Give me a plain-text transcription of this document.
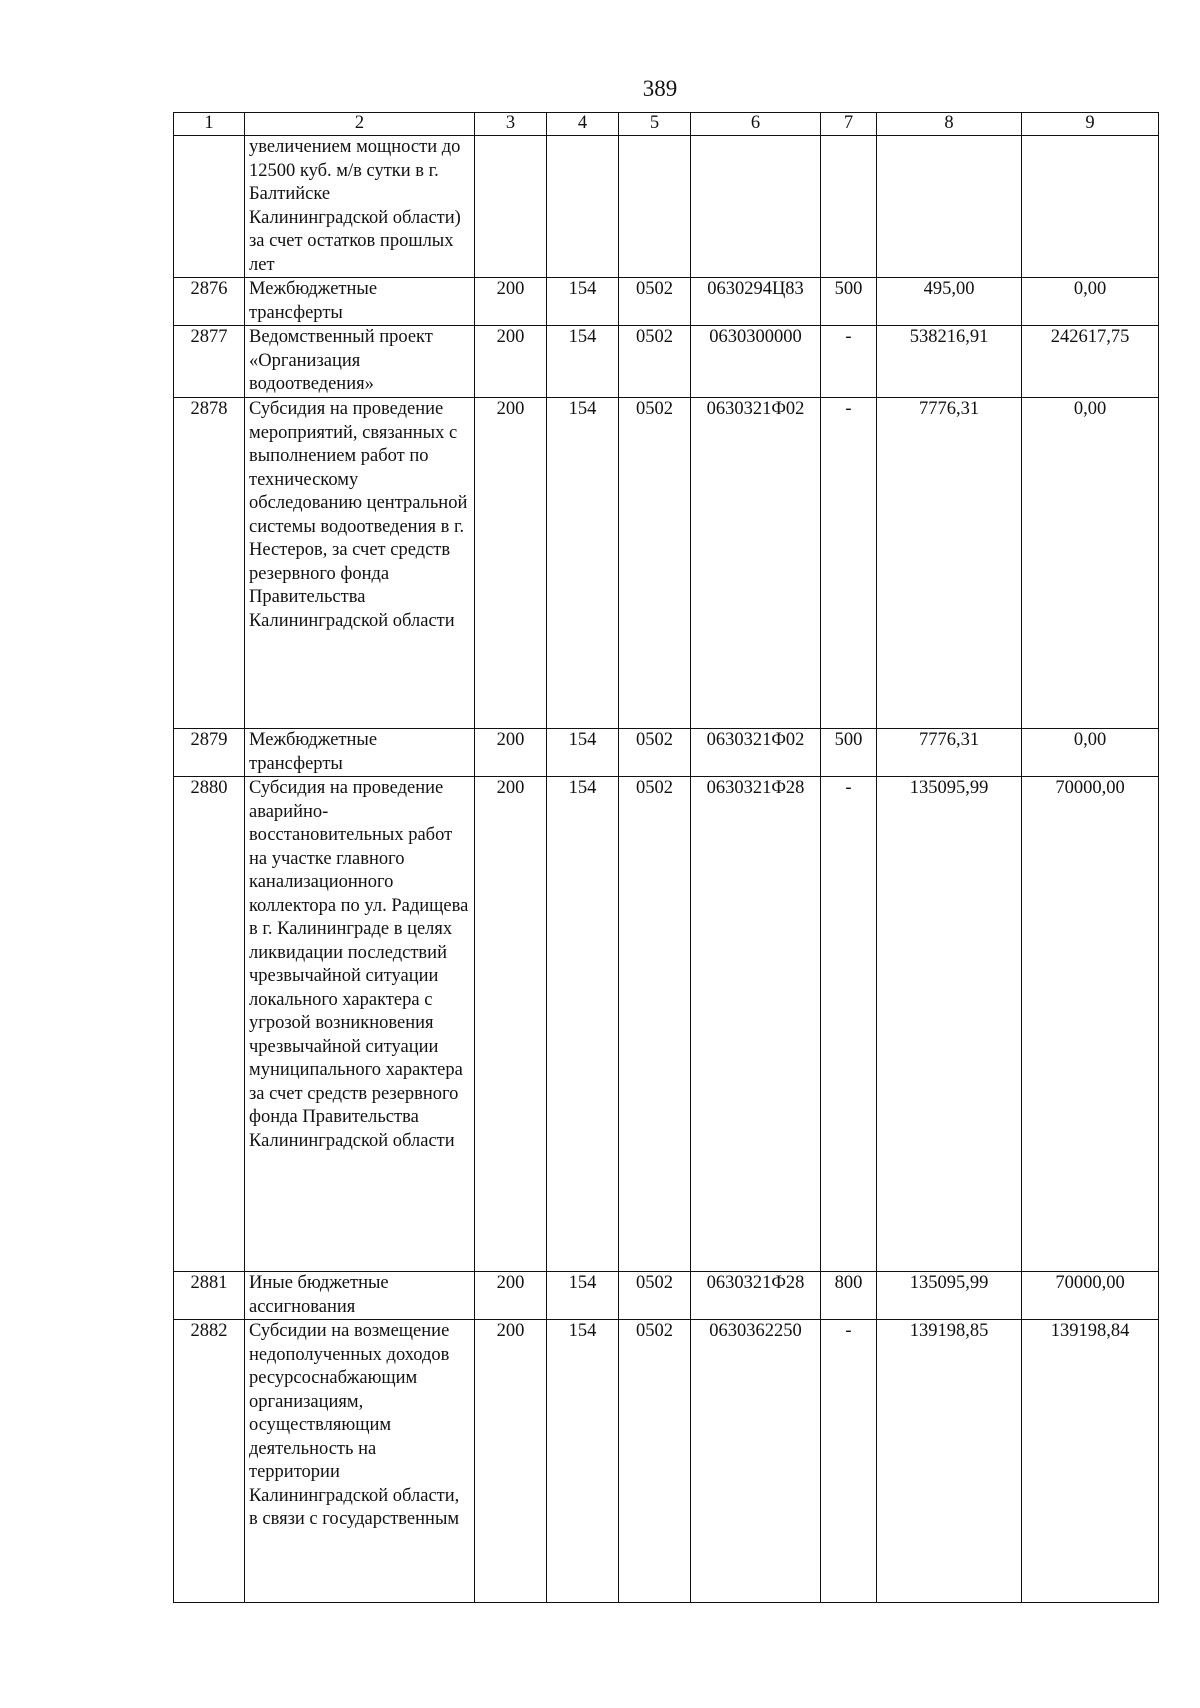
389
1	2	3	4	5	6	7	8	9
	увеличением мощности до 12500 куб. м/в сутки в г. Балтийске Калининградской области) за счет остатков прошлых лет							
2876	Межбюджетные трансферты	200	154	0502	0630294Ц83	500	495,00	0,00
2877	Ведомственный проект «Организация водоотведения»	200	154	0502	0630300000	-	538216,91	242617,75
2878	Субсидия на проведение мероприятий, связанных с выполнением работ по техническому обследованию центральной системы водоотведения в г. Нестеров, за счет средств резервного фонда Правительства Калининградской области	200	154	0502	0630321Ф02	-	7776,31	0,00
2879	Межбюджетные трансферты	200	154	0502	0630321Ф02	500	7776,31	0,00
2880	Субсидия на проведение аварийно-восстановительных работ на участке главного канализационного коллектора по ул. Радищева в г. Калининграде в целях ликвидации последствий чрезвычайной ситуации локального характера с угрозой возникновения чрезвычайной ситуации муниципального характера за счет средств резервного фонда Правительства Калининградской области	200	154	0502	0630321Ф28	-	135095,99	70000,00
2881	Иные бюджетные ассигнования	200	154	0502	0630321Ф28	800	135095,99	70000,00
2882	Субсидии на возмещение недополученных доходов ресурсоснабжающим организациям, осуществляющим деятельность на территории Калининградской области, в связи с государственным	200	154	0502	0630362250	-	139198,85	139198,84
